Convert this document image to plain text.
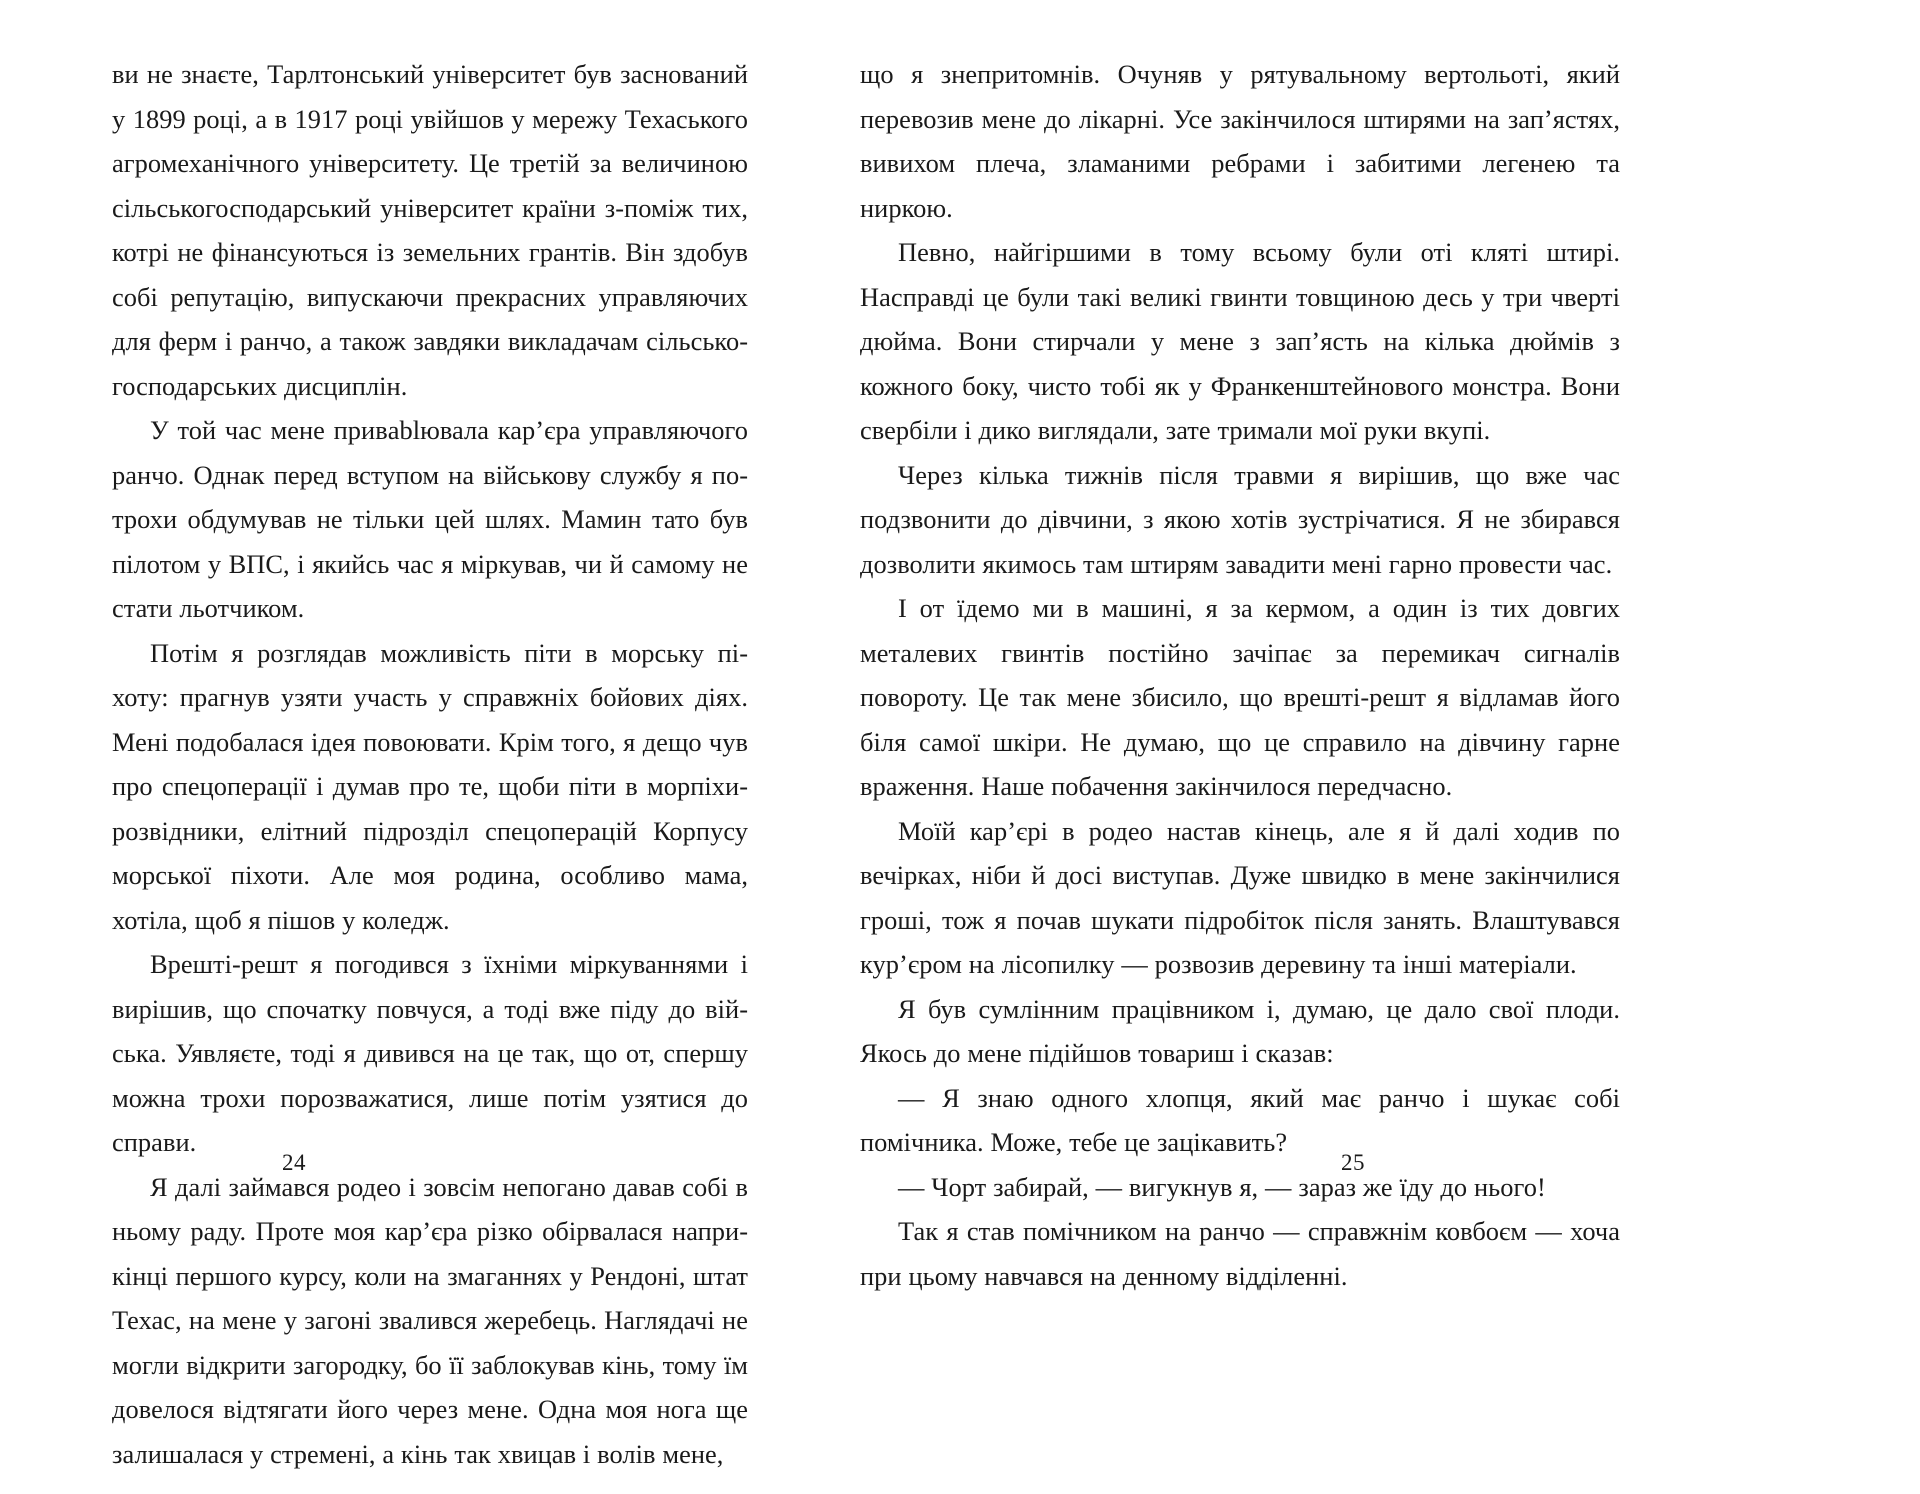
ви не знаєте, Тарлтонський університет був заснований у 1899 році, а в 1917 році увійшов у мережу Техаського агромеханічного університету. Це третій за величиною сільськогосподарський університет країни з-поміж тих, котрі не фінансуються із земельних грантів. Він здобув собі репутацію, випускаючи прекрасних управляючих для ферм і ранчо, а також завдяки викладачам сільськогосподарських дисциплін.

У той час мене привablювала кар’єра управляючого ранчо. Однак перед вступом на військову службу я потрохи обдумував не тільки цей шлях. Мамин тато був пілотом у ВПС, і якийсь час я міркував, чи й самому не стати льотчиком.

Потім я розглядав можливість піти в морську піхоту: прагнув узяти участь у справжніх бойових діях. Мені подобалася ідея повоювати. Крім того, я дещо чув про спецоперації і думав про те, щоби піти в морпіхирозвідники, елітний підрозділ спецоперацій Корпусу морської піхоти. Але моя родина, особливо мама, хотіла, щоб я пішов у коледж.

Врешті-решт я погодився з їхніми міркуваннями і вирішив, що спочатку повчуся, а тоді вже піду до війська. Уявляєте, тоді я дивився на це так, що от, спершу можна трохи порозважатися, лише потім узятися до справи.

Я далі займався родео і зовсім непогано давав собі в ньому раду. Проте моя кар’єра різко обірвалася наприкінці першого курсу, коли на змаганнях у Рендоні, штат Техас, на мене у загоні звалився жеребець. Наглядачі не могли відкрити загородку, бо її заблокував кінь, тому їм довелося відтягати його через мене. Одна моя нога ще залишалася у стремені, а кінь так хвицав і волів мене,

24

що я знепритомнів. Очуняв у рятувальному вертольоті, який перевозив мене до лікарні. Усе закінчилося штирями на зап’ястях, вивихом плеча, зламаними ребрами і забитими легенею та ниркою.

Певно, найгіршими в тому всьому були оті кляті штирі. Насправді це були такі великі гвинти товщиною десь у три чверті дюйма. Вони стирчали у мене з зап’ясть на кілька дюймів з кожного боку, чисто тобі як у Франкенштейнового монстра. Вони свербіли і дико виглядали, зате тримали мої руки вкупі.

Через кілька тижнів після травми я вирішив, що вже час подзвонити до дівчини, з якою хотів зустрічатися. Я не збирався дозволити якимось там штирям завадити мені гарно провести час.

І от їдемо ми в машині, я за кермом, а один із тих довгих металевих гвинтів постійно зачіпає за перемикач сигналів повороту. Це так мене збисило, що врешті-решт я відламав його біля самої шкіри. Не думаю, що це справило на дівчину гарне враження. Наше побачення закінчилося передчасно.

Моїй кар’єрі в родео настав кінець, але я й далі ходив по вечірках, ніби й досі виступав. Дуже швидко в мене закінчилися гроші, тож я почав шукати підробіток після занять. Влаштувався кур’єром на лісопилку — розвозив деревину та інші матеріали.

Я був сумлінним працівником і, думаю, це дало свої плоди. Якось до мене підійшов товариш і сказав:

— Я знаю одного хлопця, який має ранчо і шукає собі помічника. Може, тебе це зацікавить?

— Чорт забирай, — вигукнув я, — зараз же їду до нього!

Так я став помічником на ранчо — справжнім ковбоєм — хоча при цьому навчався на денному відділенні.

25
